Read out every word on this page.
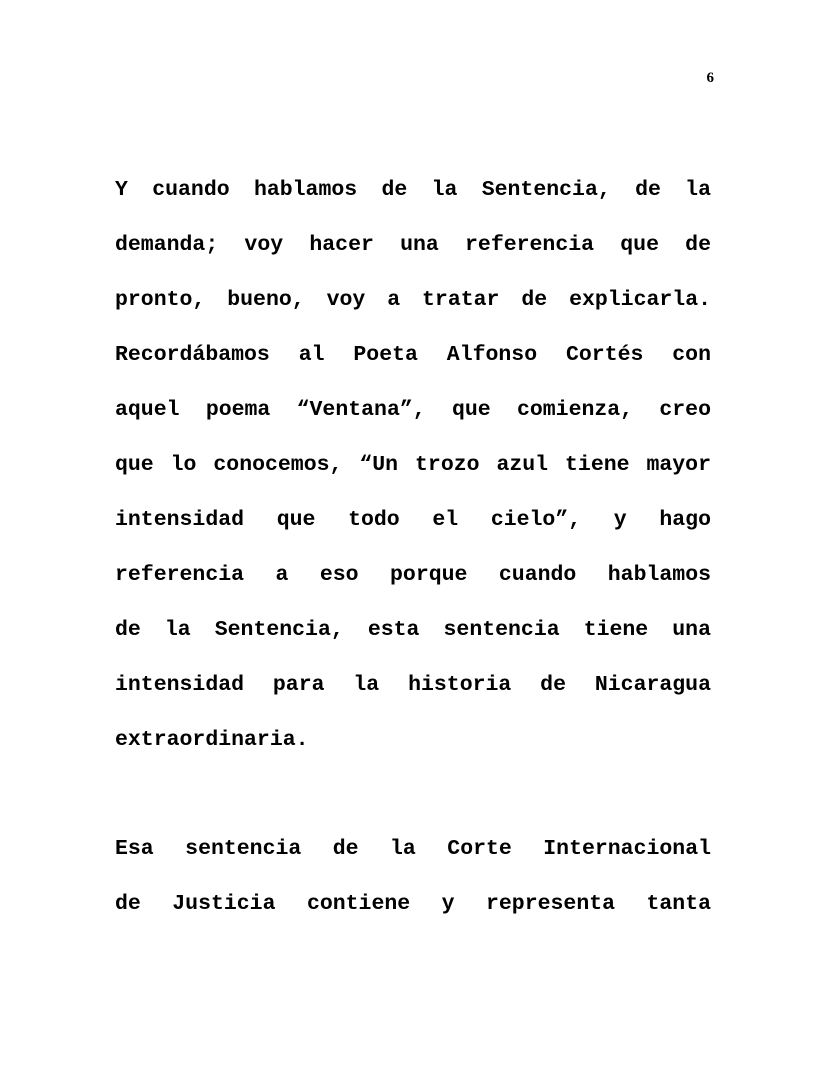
6
Y cuando hablamos de la Sentencia, de la
demanda; voy hacer una referencia que de
pronto, bueno, voy a tratar de explicarla.
Recordábamos al Poeta Alfonso Cortés con
aquel poema “Ventana”, que comienza, creo
que lo conocemos, “Un trozo azul tiene mayor
intensidad que todo el cielo”, y hago
referencia a eso porque cuando hablamos
de la Sentencia, esta sentencia tiene una
intensidad para la historia de Nicaragua
extraordinaria.
Esa sentencia de la Corte Internacional
de Justicia contiene y representa tanta
